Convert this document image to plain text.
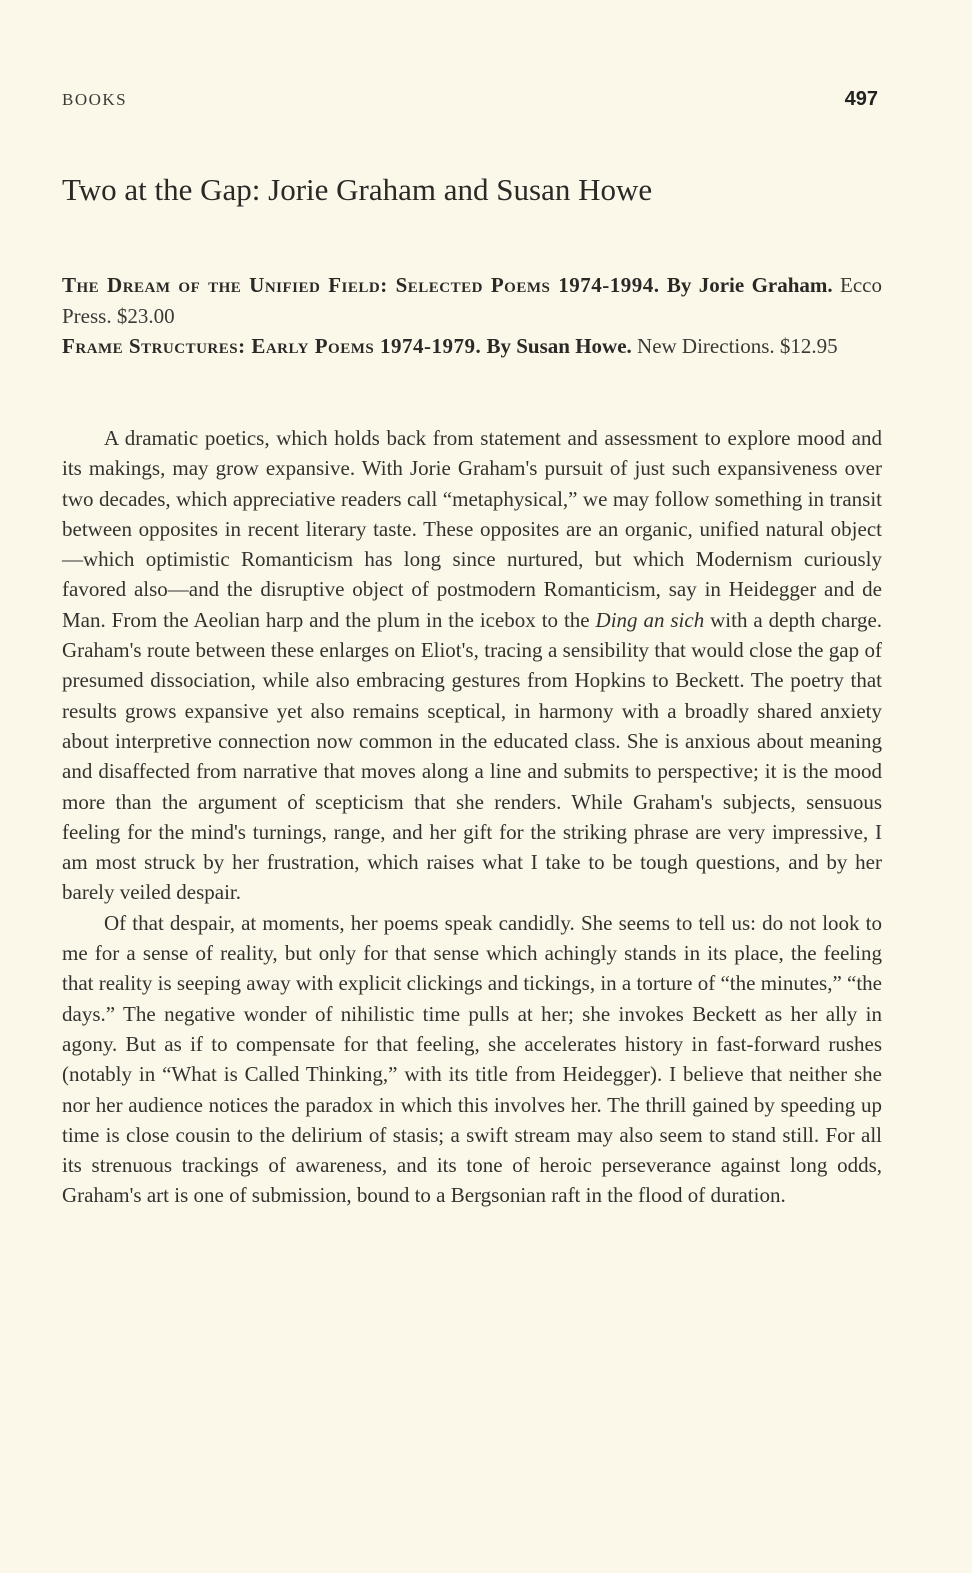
BOOKS	497
Two at the Gap: Jorie Graham and Susan Howe

The Dream of the Unified Field: Selected Poems 1974-1994. By Jorie Graham. Ecco Press. $23.00

Frame Structures: Early Poems 1974-1979. By Susan Howe. New Directions. $12.95

A dramatic poetics, which holds back from statement and assessment to explore mood and its makings, may grow expansive. With Jorie Graham's pursuit of just such expansiveness over two decades, which appreciative readers call “metaphysical,” we may follow something in transit between opposites in recent literary taste. These opposites are an organic, unified natural object—which optimistic Romanticism has long since nurtured, but which Modernism curiously favored also—and the disruptive object of postmodern Romanticism, say in Heidegger and de Man. From the Aeolian harp and the plum in the icebox to the Ding an sich with a depth charge. Graham's route between these enlarges on Eliot's, tracing a sensibility that would close the gap of presumed dissociation, while also embracing gestures from Hopkins to Beckett. The poetry that results grows expansive yet also remains sceptical, in harmony with a broadly shared anxiety about interpretive connection now common in the educated class. She is anxious about meaning and disaffected from narrative that moves along a line and submits to perspective; it is the mood more than the argument of scepticism that she renders. While Graham's subjects, sensuous feeling for the mind's turnings, range, and her gift for the striking phrase are very impressive, I am most struck by her frustration, which raises what I take to be tough questions, and by her barely veiled despair.

Of that despair, at moments, her poems speak candidly. She seems to tell us: do not look to me for a sense of reality, but only for that sense which achingly stands in its place, the feeling that reality is seeping away with explicit clickings and tickings, in a torture of “the minutes,” “the days.” The negative wonder of nihilistic time pulls at her; she invokes Beckett as her ally in agony. But as if to compensate for that feeling, she accelerates history in fast-forward rushes (notably in “What is Called Thinking,” with its title from Heidegger). I believe that neither she nor her audience notices the paradox in which this involves her. The thrill gained by speeding up time is close cousin to the delirium of stasis; a swift stream may also seem to stand still. For all its strenuous trackings of awareness, and its tone of heroic perseverance against long odds, Graham's art is one of submission, bound to a Bergsonian raft in the flood of duration.
